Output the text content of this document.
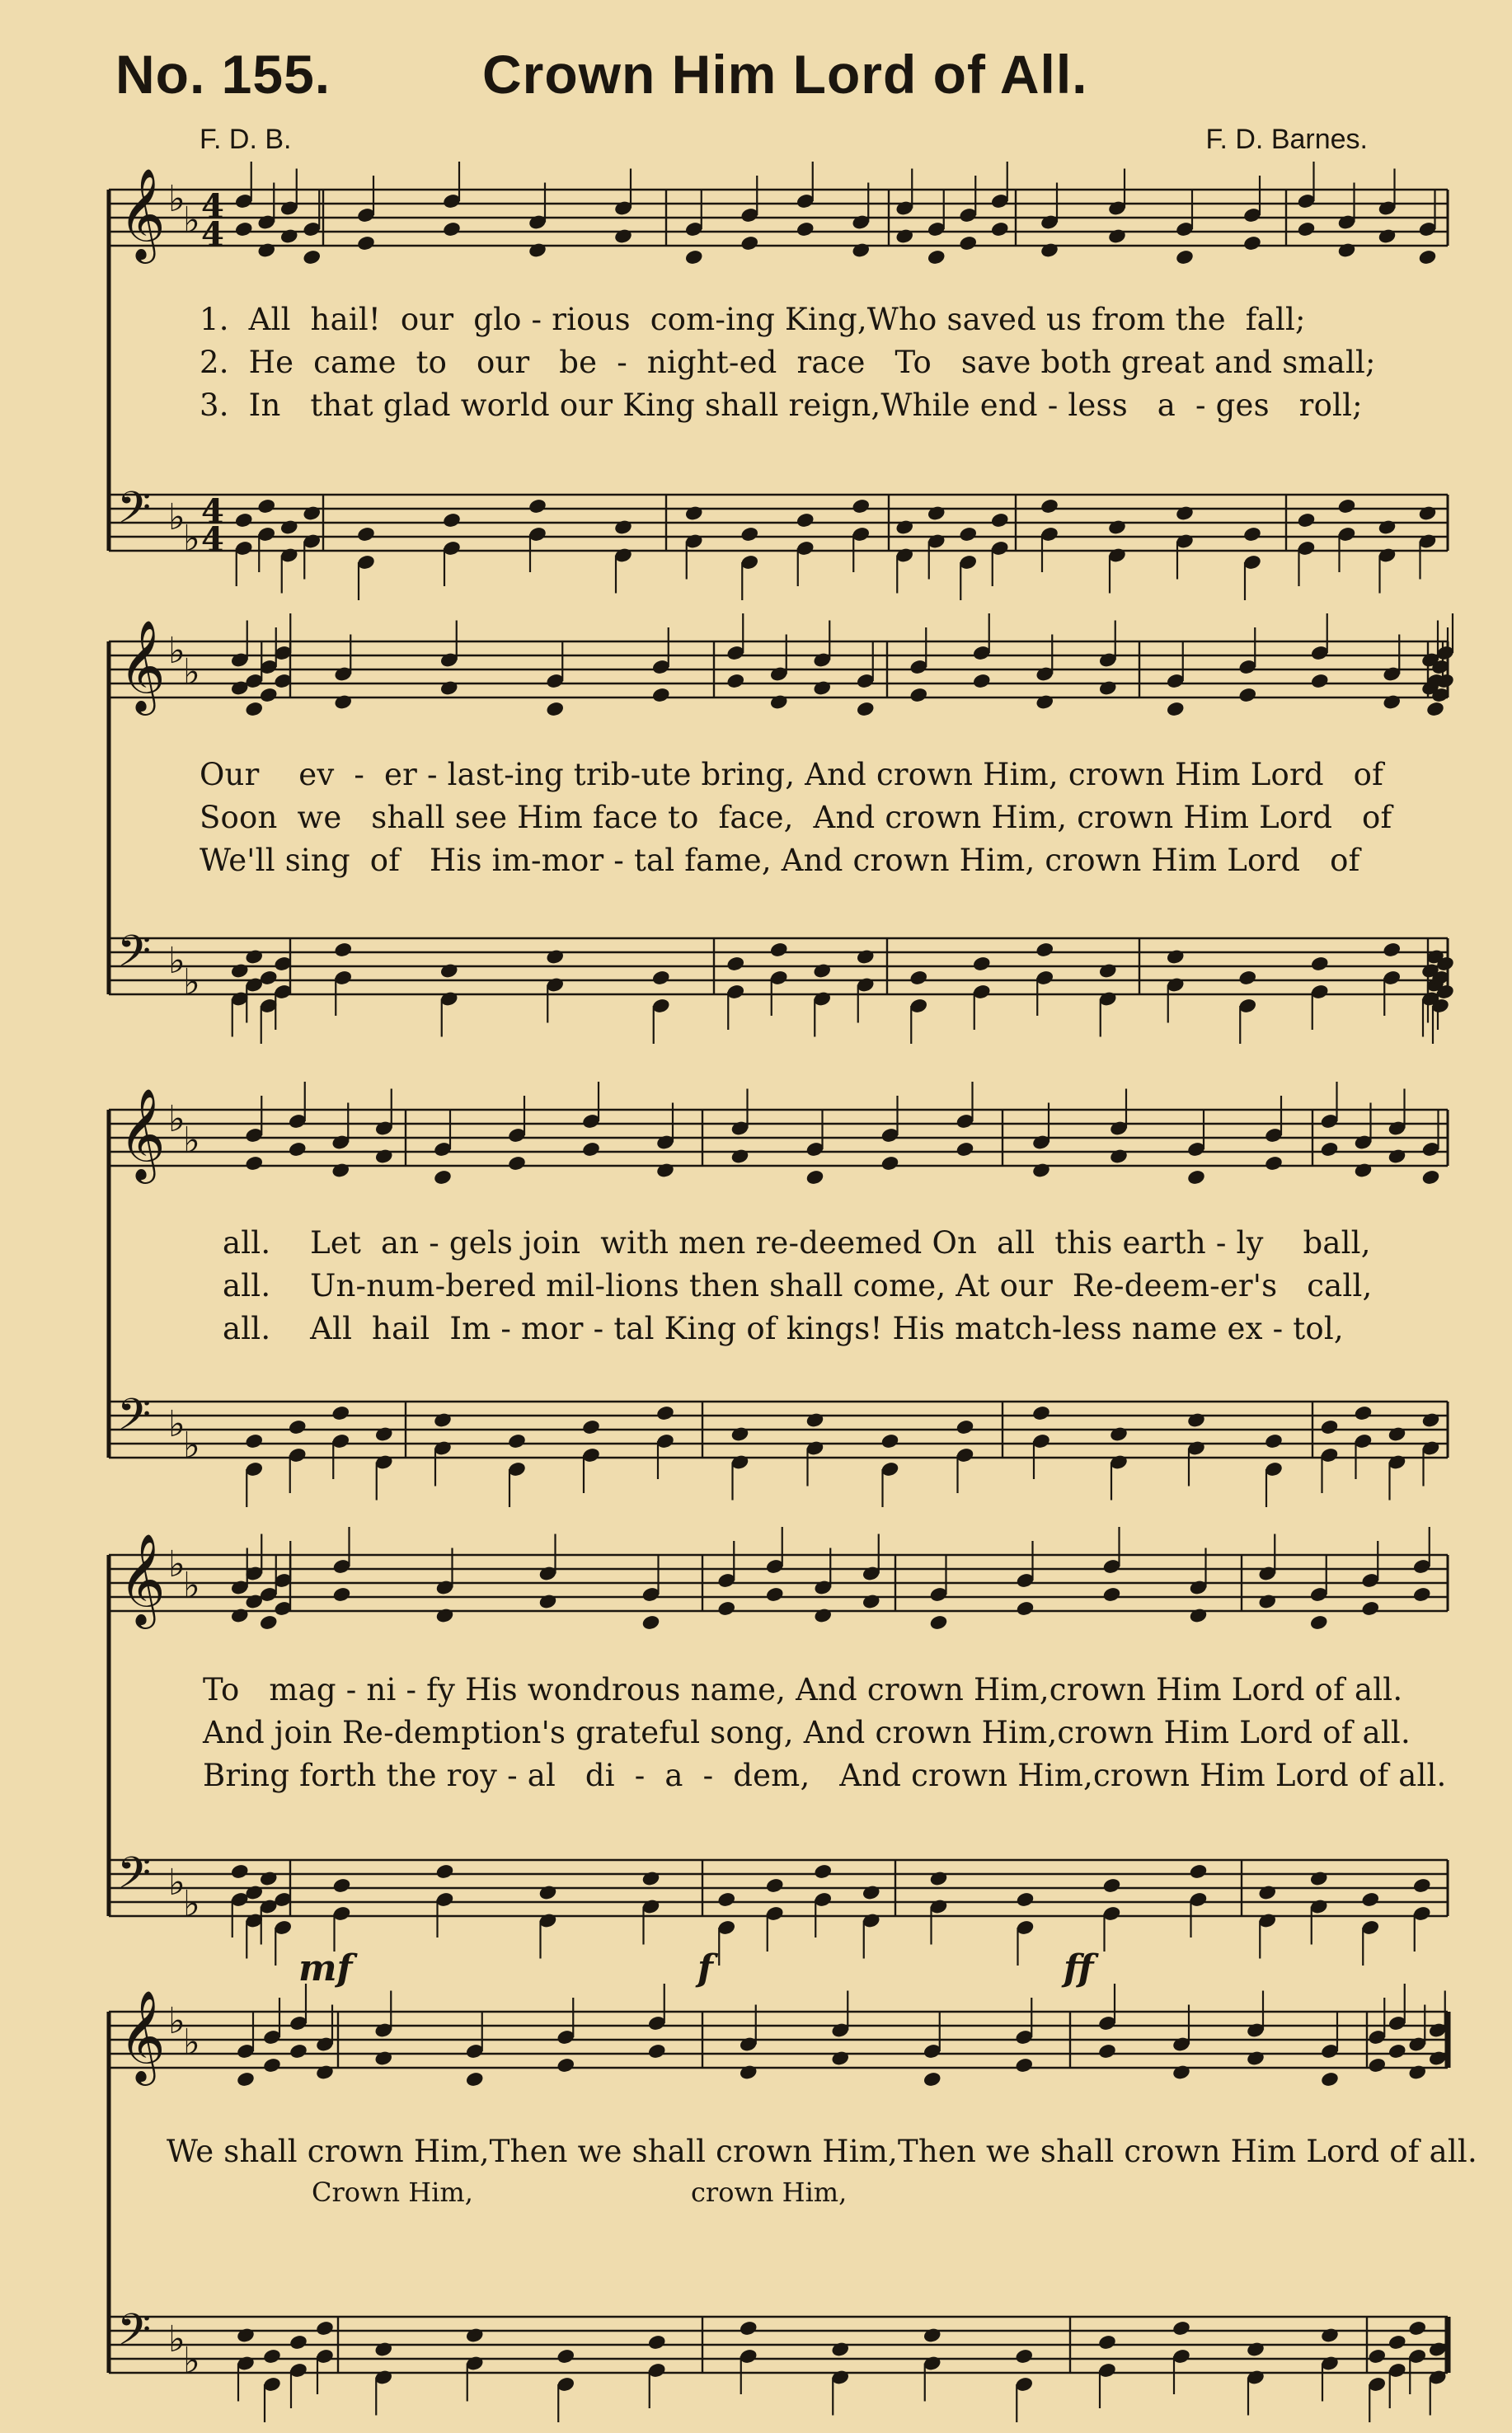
No. 155.	Crown Him Lord of All.
F. D. B.	F. D. Barnes.
𝄞
𝄢
♭
♭
♭
♭
4
4
4
4
𝄞
𝄢
♭
♭
♭
♭
𝄞
𝄢
♭
♭
♭
♭
𝄞
𝄢
♭
♭
♭
♭
𝄞
𝄢
♭
♭
♭
♭
1.  All  hail!  our  glo - rious  com-ing King,Who saved us from the  fall;
2.  He  came  to   our   be  -  night-ed  race   To   save both great and small;
3.  In   that glad world our King shall reign,While end - less   a  - ges   roll;
Our    ev  -  er - last-ing trib-ute bring, And crown Him, crown Him Lord   of
Soon  we   shall see Him face to  face,  And crown Him, crown Him Lord   of
We'll sing  of   His im-mor - tal fame, And crown Him, crown Him Lord   of
all.    Let  an - gels join  with men re-deemed On  all  this earth - ly    ball,
all.    Un-num-bered mil-lions then shall come, At our  Re-deem-er's   call,
all.    All  hail  Im - mor - tal King of kings! His match-less name ex - tol,
To   mag - ni - fy His wondrous name, And crown Him,crown Him Lord of all.
And join Re-demption's grateful song, And crown Him,crown Him Lord of all.
Bring forth the roy - al   di  -  a  -  dem,   And crown Him,crown Him Lord of all.
mf	f	ff
We shall crown Him,Then we shall crown Him,Then we shall crown Him Lord of all.
Crown Him,	crown Him,
